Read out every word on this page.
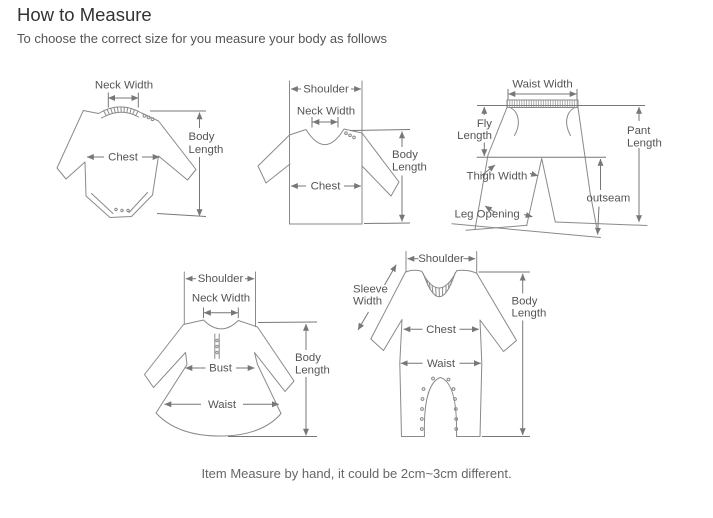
How to Measure
To choose the correct size for you measure your body as follows
Neck Width
Chest
Body
Length
Shoulder
Neck Width
Chest
Body
Length
Waist Width
Fly
Length	Pant
Length
Thigh Width
outseam
Leg Opening
Shoulder
Neck Width
Bust
Waist
Body
Length
Shoulder
Sleeve
Width
Chest
Waist
Body
Length
Item Measure by hand, it could be 2cm~3cm different.
